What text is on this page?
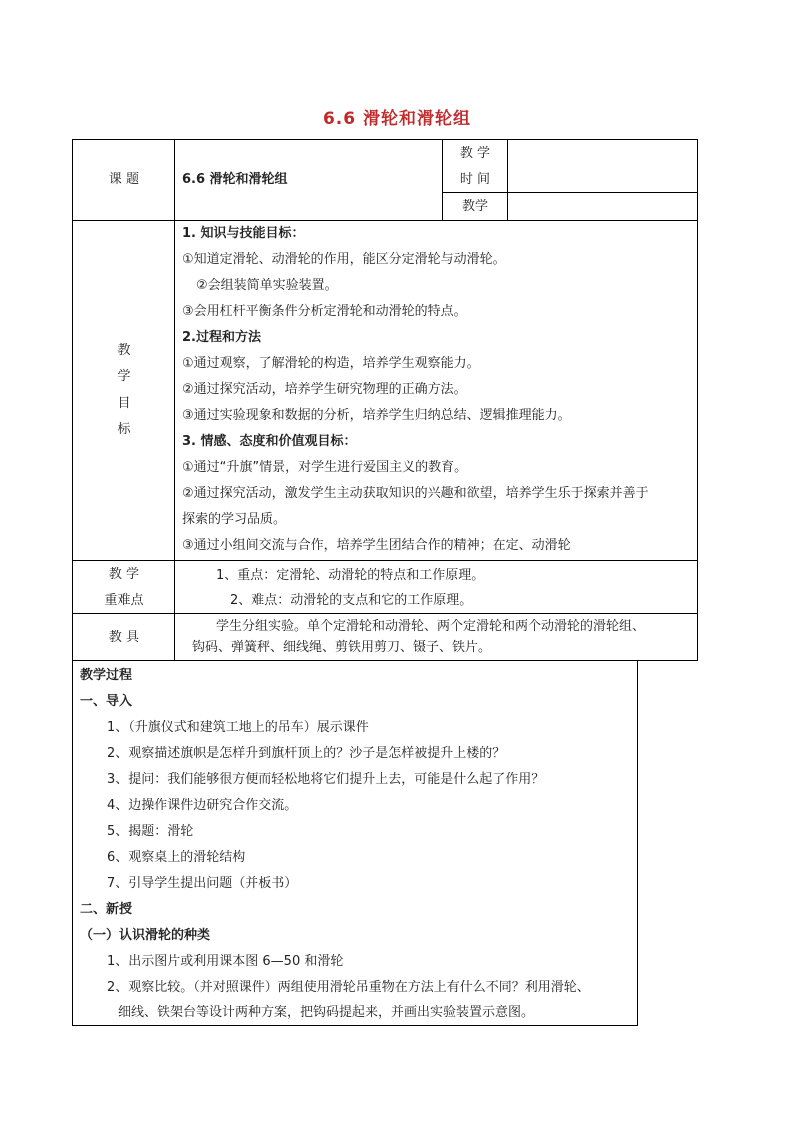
6.6 滑轮和滑轮组
课 题	6.6 滑轮和滑轮组
教 学
时 间
教学
教
学
目
标
1. 知识与技能目标：
①知道定滑轮、动滑轮的作用，能区分定滑轮与动滑轮。
②会组装简单实验装置。
③会用杠杆平衡条件分析定滑轮和动滑轮的特点。
2.过程和方法
①通过观察，了解滑轮的构造，培养学生观察能力。
②通过探究活动，培养学生研究物理的正确方法。
③通过实验现象和数据的分析，培养学生归纳总结、逻辑推理能力。
3. 情感、态度和价值观目标：
①通过“升旗”情景，对学生进行爱国主义的教育。
②通过探究活动，激发学生主动获取知识的兴趣和欲望，培养学生乐于探索并善于
探索的学习品质。
③通过小组间交流与合作，培养学生团结合作的精神；在定、动滑轮
教 学
重难点
1、重点：定滑轮、动滑轮的特点和工作原理。
2、难点：动滑轮的支点和它的工作原理。
教 具
学生分组实验。单个定滑轮和动滑轮、两个定滑轮和两个动滑轮的滑轮组、
钩码、弹簧秤、细线绳、剪铁用剪刀、镊子、铁片。
教学过程
一、导入
1、（升旗仪式和建筑工地上的吊车）展示课件
2、观察描述旗帜是怎样升到旗杆顶上的？沙子是怎样被提升上楼的？
3、提问：我们能够很方便而轻松地将它们提升上去，可能是什么起了作用？
4、边操作课件边研究合作交流。
5、揭题：滑轮
6、观察桌上的滑轮结构
7、引导学生提出问题（并板书）
二、新授
（一）认识滑轮的种类
1、出示图片或利用课本图 6—50 和滑轮
2、观察比较。（并对照课件）两组使用滑轮吊重物在方法上有什么不同？利用滑轮、
细线、铁架台等设计两种方案，把钩码提起来，并画出实验装置示意图。
